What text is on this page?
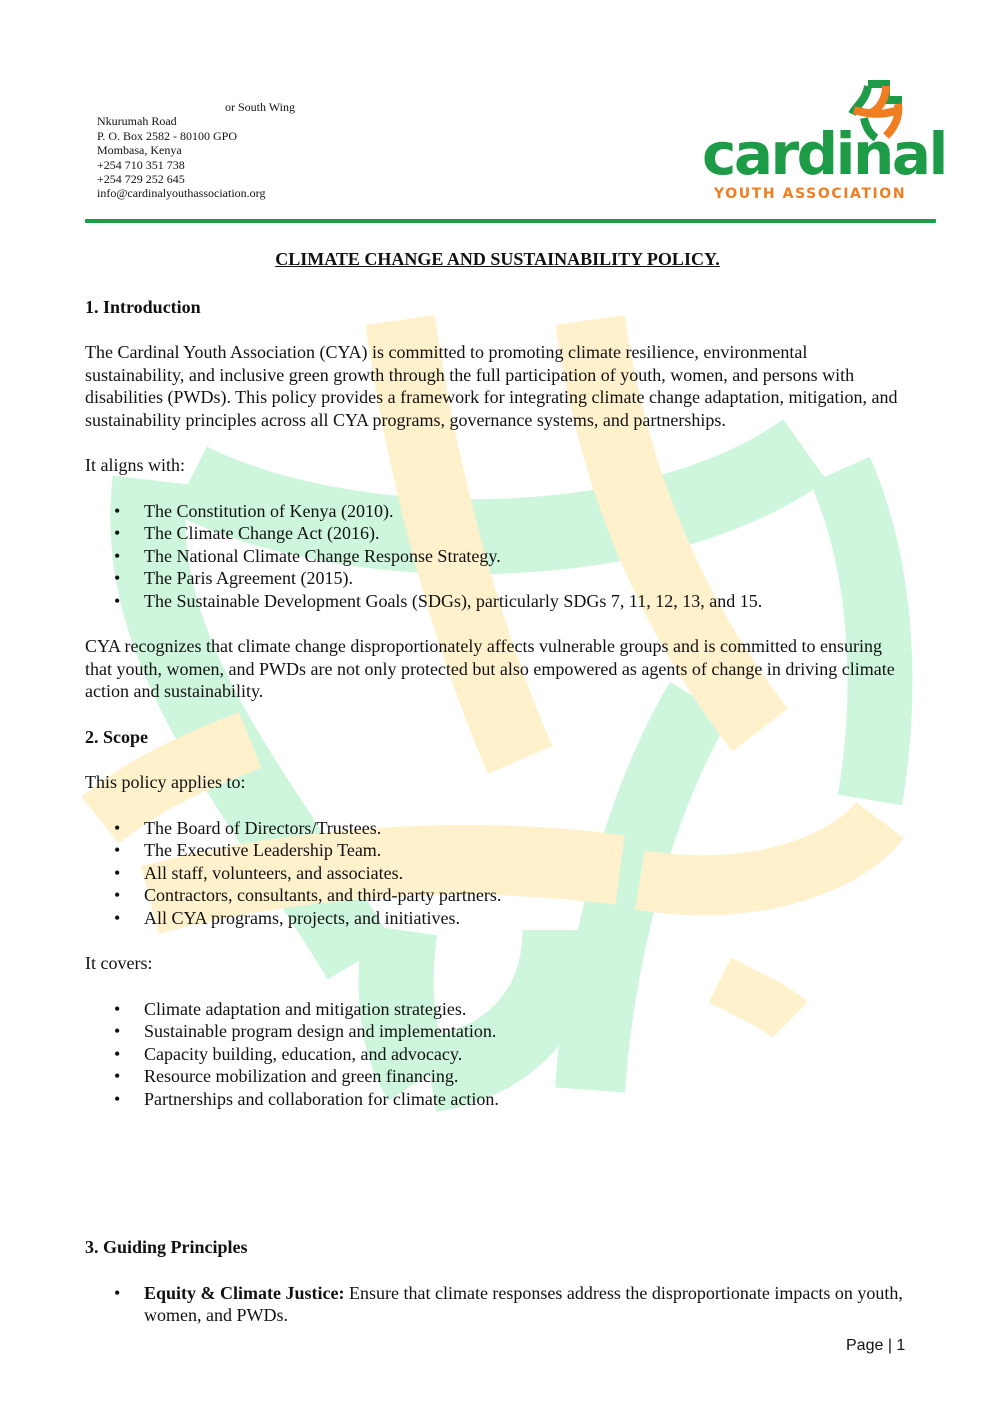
or South Wing
Nkurumah Road
P. O. Box 2582 - 80100 GPO
Mombasa, Kenya
+254 710 351 738
+254 729 252 645
info@cardinalyouthassociation.org
cardinal
YOUTH ASSOCIATION
CLIMATE CHANGE AND SUSTAINABILITY POLICY.
1. Introduction

The Cardinal Youth Association (CYA) is committed to promoting climate resilience, environmental sustainability, and inclusive green growth through the full participation of youth, women, and persons with disabilities (PWDs). This policy provides a framework for integrating climate change adaptation, mitigation, and sustainability principles across all CYA programs, governance systems, and partnerships.

It aligns with:

• The Constitution of Kenya (2010).
• The Climate Change Act (2016).
• The National Climate Change Response Strategy.
• The Paris Agreement (2015).
• The Sustainable Development Goals (SDGs), particularly SDGs 7, 11, 12, 13, and 15.

CYA recognizes that climate change disproportionately affects vulnerable groups and is committed to ensuring that youth, women, and PWDs are not only protected but also empowered as agents of change in driving climate action and sustainability.

2. Scope

This policy applies to:

• The Board of Directors/Trustees.
• The Executive Leadership Team.
• All staff, volunteers, and associates.
• Contractors, consultants, and third-party partners.
• All CYA programs, projects, and initiatives.

It covers:

• Climate adaptation and mitigation strategies.
• Sustainable program design and implementation.
• Capacity building, education, and advocacy.
• Resource mobilization and green financing.
• Partnerships and collaboration for climate action.
3. Guiding Principles
• Equity & Climate Justice: Ensure that climate responses address the disproportionate impacts on youth, women, and PWDs.
Page | 1
